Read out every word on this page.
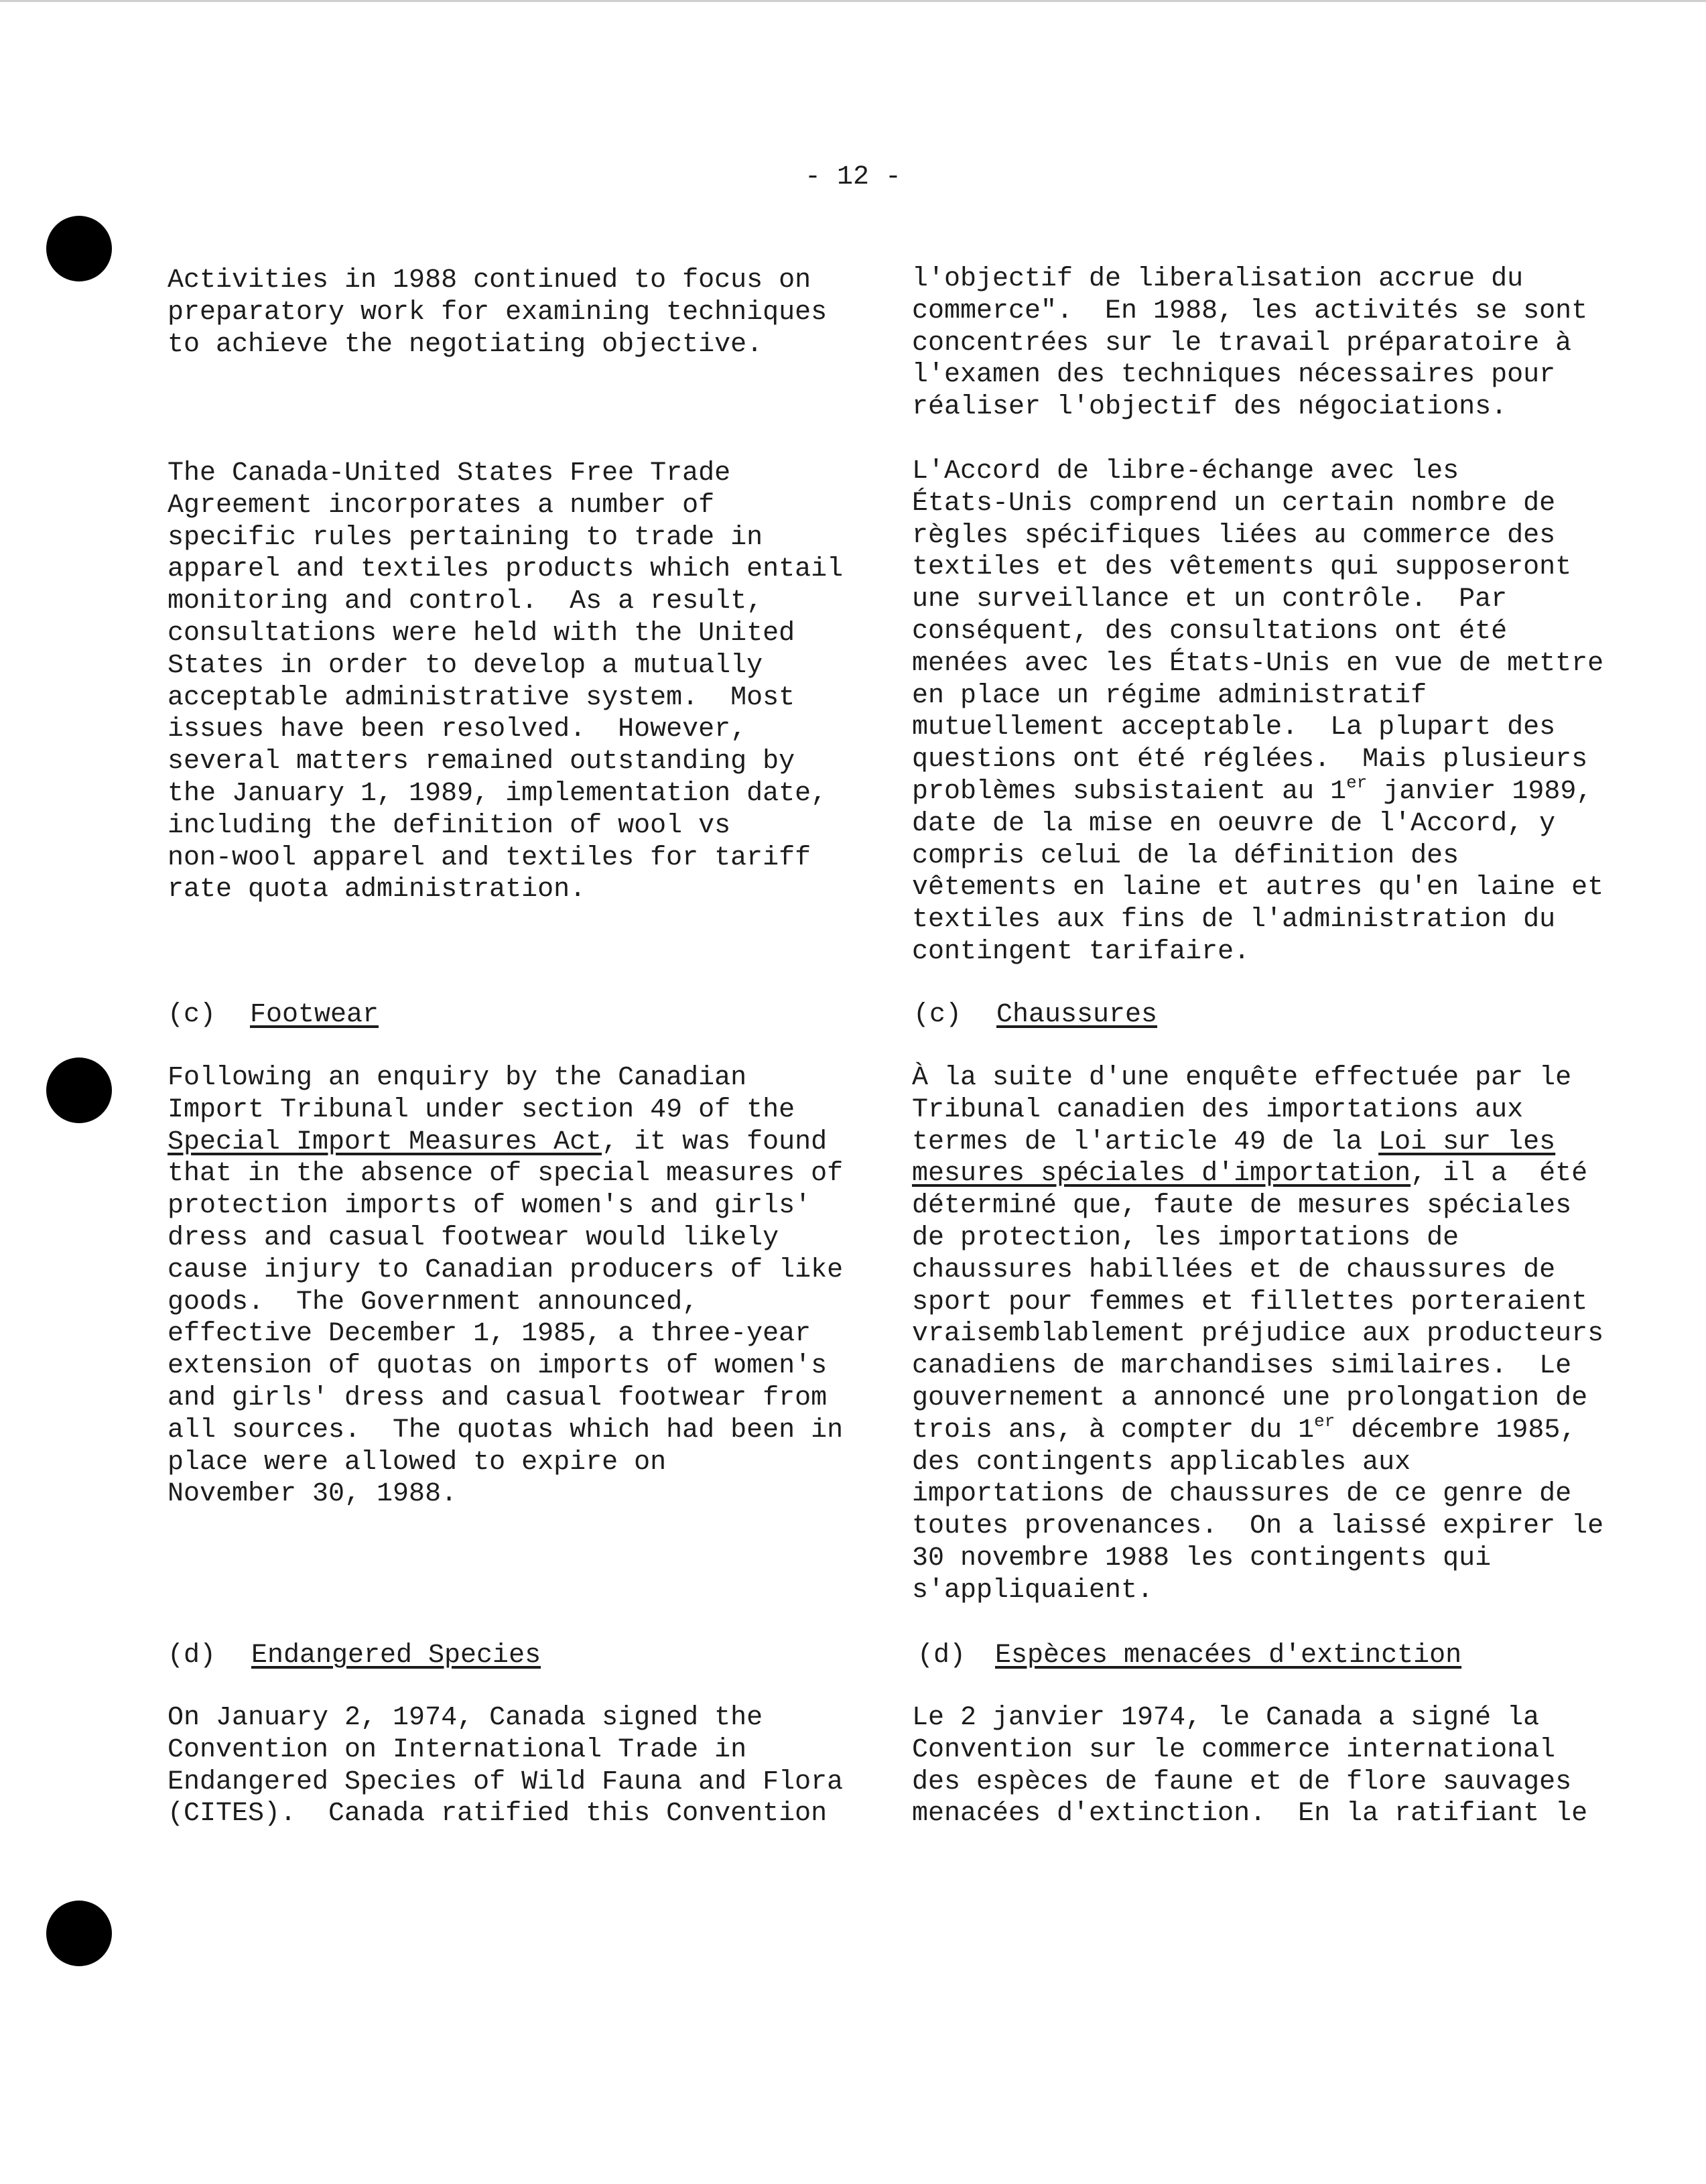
- 12 -

Activities in 1988 continued to focus on
preparatory work for examining techniques
to achieve the negotiating objective.

The Canada-United States Free Trade
Agreement incorporates a number of
specific rules pertaining to trade in
apparel and textiles products which entail
monitoring and control.  As a result,
consultations were held with the United
States in order to develop a mutually
acceptable administrative system.  Most
issues have been resolved.  However,
several matters remained outstanding by
the January 1, 1989, implementation date,
including the definition of wool vs
non-wool apparel and textiles for tariff
rate quota administration.

(c) Footwear

Following an enquiry by the Canadian
Import Tribunal under section 49 of the
Special Import Measures Act, it was found
that in the absence of special measures of
protection imports of women's and girls'
dress and casual footwear would likely
cause injury to Canadian producers of like
goods.  The Government announced,
effective December 1, 1985, a three-year
extension of quotas on imports of women's
and girls' dress and casual footwear from
all sources.  The quotas which had been in
place were allowed to expire on
November 30, 1988.

(d) Endangered Species

On January 2, 1974, Canada signed the
Convention on International Trade in
Endangered Species of Wild Fauna and Flora
(CITES).  Canada ratified this Convention

l'objectif de liberalisation accrue du
commerce".  En 1988, les activités se sont
concentrées sur le travail préparatoire à
l'examen des techniques nécessaires pour
réaliser l'objectif des négociations.

L'Accord de libre-échange avec les
États-Unis comprend un certain nombre de
règles spécifiques liées au commerce des
textiles et des vêtements qui supposeront
une surveillance et un contrôle.  Par
conséquent, des consultations ont été
menées avec les États-Unis en vue de mettre
en place un régime administratif
mutuellement acceptable.  La plupart des
questions ont été réglées.  Mais plusieurs
problèmes subsistaient au 1er janvier 1989,
date de la mise en oeuvre de l'Accord, y
compris celui de la définition des
vêtements en laine et autres qu'en laine et
textiles aux fins de l'administration du
contingent tarifaire.

(c) Chaussures

À la suite d'une enquête effectuée par le
Tribunal canadien des importations aux
termes de l'article 49 de la Loi sur les
mesures spéciales d'importation, il a  été
déterminé que, faute de mesures spéciales
de protection, les importations de
chaussures habillées et de chaussures de
sport pour femmes et fillettes porteraient
vraisemblablement préjudice aux producteurs
canadiens de marchandises similaires.  Le
gouvernement a annoncé une prolongation de
trois ans, à compter du 1er décembre 1985,
des contingents applicables aux
importations de chaussures de ce genre de
toutes provenances.  On a laissé expirer le
30 novembre 1988 les contingents qui
s'appliquaient.

(d) Espèces menacées d'extinction

Le 2 janvier 1974, le Canada a signé la
Convention sur le commerce international
des espèces de faune et de flore sauvages
menacées d'extinction.  En la ratifiant le
